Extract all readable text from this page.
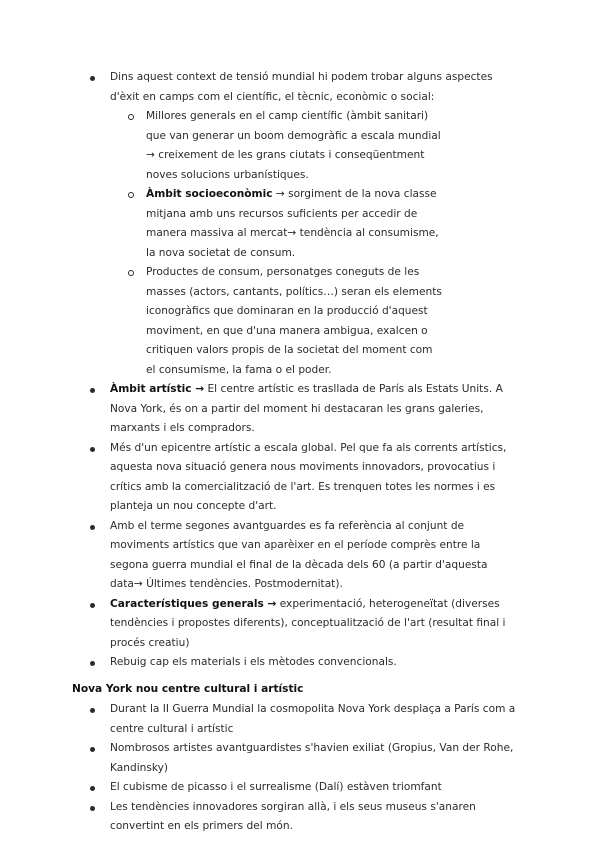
Dins aquest context de tensió mundial hi podem trobar alguns aspectes d'èxit en camps com el científic, el tècnic, econòmic o social:
Millores generals en el camp científic (àmbit sanitari) que van generar un boom demogràfic a escala mundial → creixement de les grans ciutats i conseqüentment noves solucions urbanístiques.
Àmbit socioeconòmic → sorgiment de la nova classe mitjana amb uns recursos suficients per accedir de manera massiva al mercat→ tendència al consumisme, la nova societat de consum.
Productes de consum, personatges coneguts de les masses (actors, cantants, polítics…) seran els elements iconogràfics que dominaran en la producció d'aquest moviment, en que d'una manera ambigua, exalcen o critiquen valors propis de la societat del moment com el consumisme, la fama o el poder.
Àmbit artístic → El centre artístic es trasllada de París als Estats Units. A Nova York, és on a partir del moment hi destacaran les grans galeries, marxants i els compradors.
Més d'un epicentre artístic a escala global. Pel que fa als corrents artístics, aquesta nova situació genera nous moviments innovadors, provocatius i crítics amb la comercialització de l'art. Es trenquen totes les normes i es planteja un nou concepte d'art.
Amb el terme segones avantguardes es fa referència al conjunt de moviments artístics que van aparèixer en el període comprès entre la segona guerra mundial el final de la dècada dels 60 (a partir d'aquesta data→ Últimes tendències. Postmodernitat).
Característiques generals → experimentació, heterogeneïtat (diverses tendències i propostes diferents), conceptualització de l'art (resultat final i procés creatiu)
Rebuig cap els materials i els mètodes convencionals.
Nova York nou centre cultural i artístic
Durant la II Guerra Mundial la cosmopolita Nova York desplaça a París com a centre cultural i artístic
Nombrosos artistes avantguardistes s'havien exiliat (Gropius, Van der Rohe, Kandinsky)
El cubisme de picasso i el surrealisme (Dalí) estàven triomfant
Les tendències innovadores sorgiran allà, i els seus museus s'anaren convertint en els primers del món.
